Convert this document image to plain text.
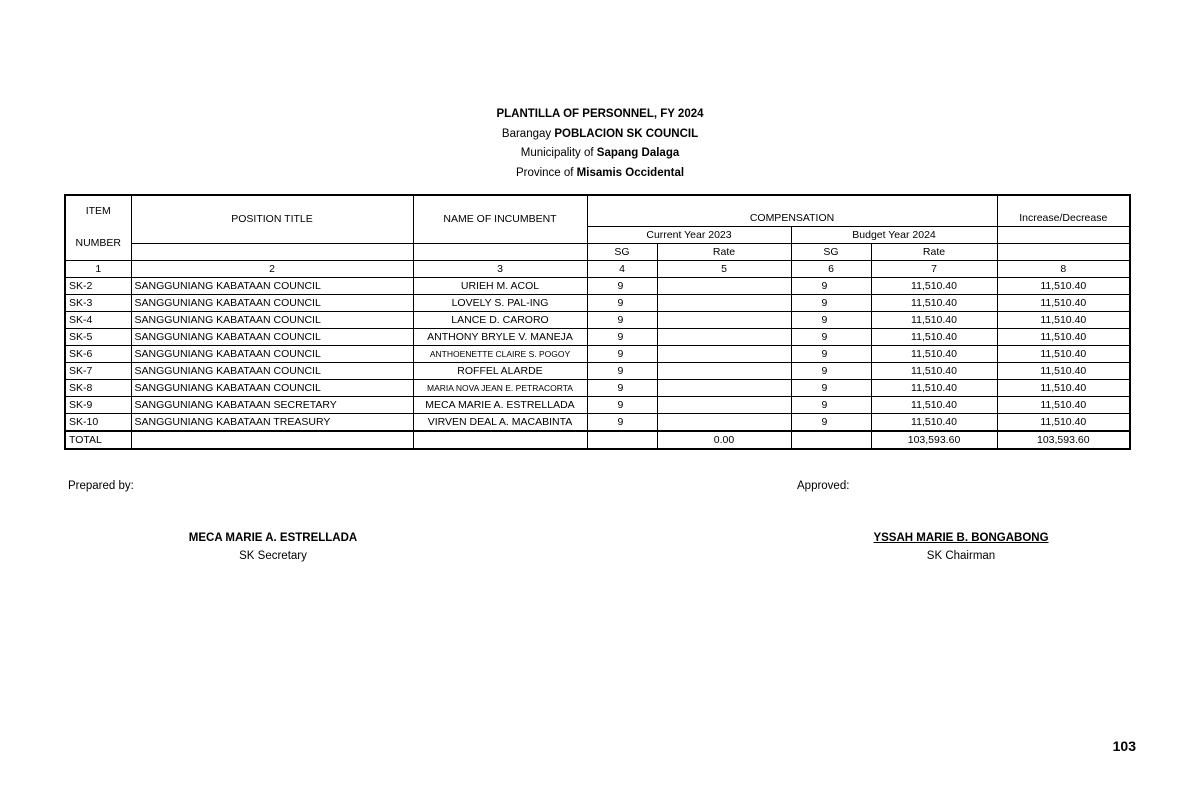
PLANTILLA OF PERSONNEL, FY 2024
Barangay POBLACION SK COUNCIL
Municipality of Sapang Dalaga
Province of Misamis Occidental
ITEM	POSITION TITLE	NAME OF INCUMBENT	COMPENSATION				Increase/Decrease
NUMBER			Current Year 2023		Budget Year 2024		
			SG	Rate	SG	Rate	
1	2	3	4	5	6	7	8
SK-2	SANGGUNIANG KABATAAN COUNCIL	URIEH M. ACOL	9		9	11,510.40	11,510.40
SK-3	SANGGUNIANG KABATAAN COUNCIL	LOVELY S. PAL-ING	9		9	11,510.40	11,510.40
SK-4	SANGGUNIANG KABATAAN COUNCIL	LANCE D. CARORO	9		9	11,510.40	11,510.40
SK-5	SANGGUNIANG KABATAAN COUNCIL	ANTHONY BRYLE V. MANEJA	9		9	11,510.40	11,510.40
SK-6	SANGGUNIANG KABATAAN COUNCIL	ANTHOENETTE CLAIRE S. POGOY	9		9	11,510.40	11,510.40
SK-7	SANGGUNIANG KABATAAN COUNCIL	ROFFEL ALARDE	9		9	11,510.40	11,510.40
SK-8	SANGGUNIANG KABATAAN COUNCIL	MARIA NOVA JEAN E. PETRACORTA	9		9	11,510.40	11,510.40
SK-9	SANGGUNIANG KABATAAN SECRETARY	MECA MARIE A. ESTRELLADA	9		9	11,510.40	11,510.40
SK-10	SANGGUNIANG KABATAAN TREASURY	VIRVEN DEAL A. MACABINTA	9		9	11,510.40	11,510.40
TOTAL				0.00		103,593.60	103,593.60
Prepared by:	Approved:
MECA MARIE A. ESTRELLADA
SK Secretary
YSSAH MARIE B. BONGABONG
SK Chairman
103
